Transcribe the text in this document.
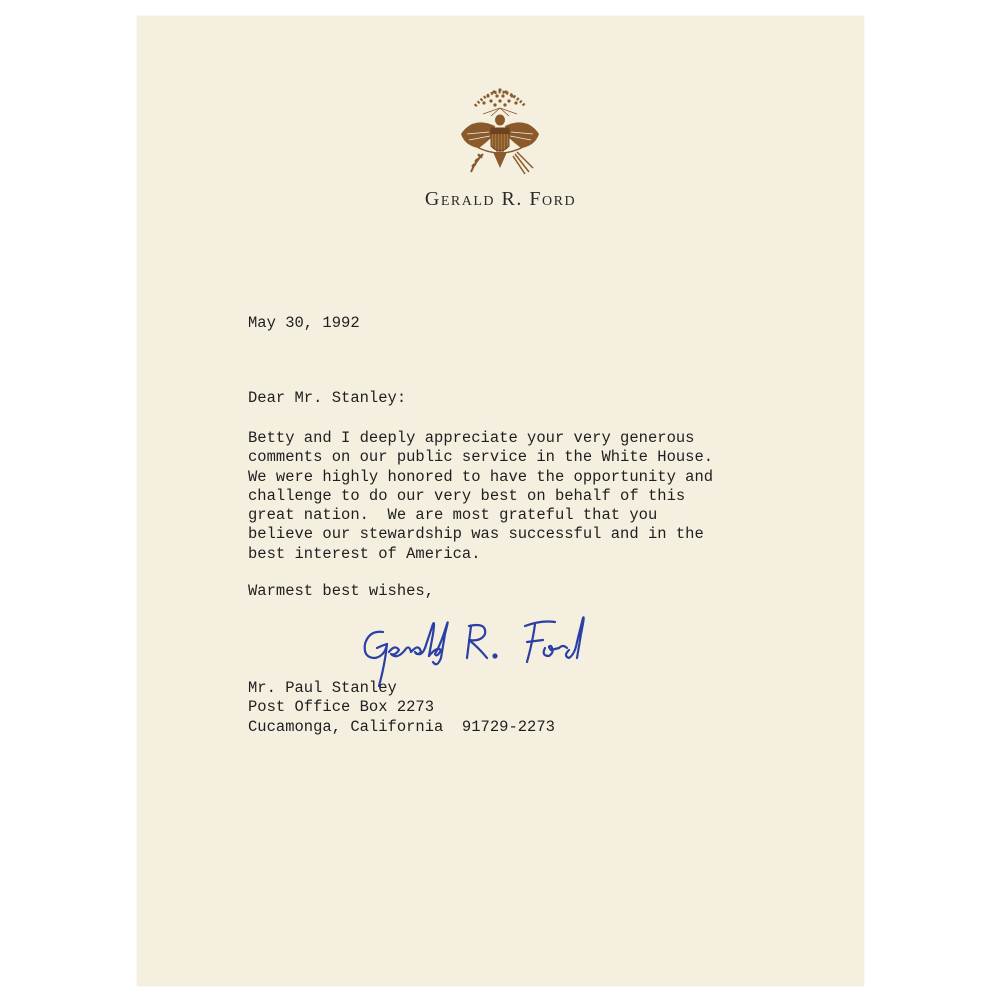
Gerald R. Ford
May 30, 1992
Dear Mr. Stanley:
Betty and I deeply appreciate your very generous
comments on our public service in the White House.
We were highly honored to have the opportunity and
challenge to do our very best on behalf of this
great nation.  We are most grateful that you
believe our stewardship was successful and in the
best interest of America.
Warmest best wishes,
Mr. Paul Stanley
Post Office Box 2273
Cucamonga, California  91729-2273
